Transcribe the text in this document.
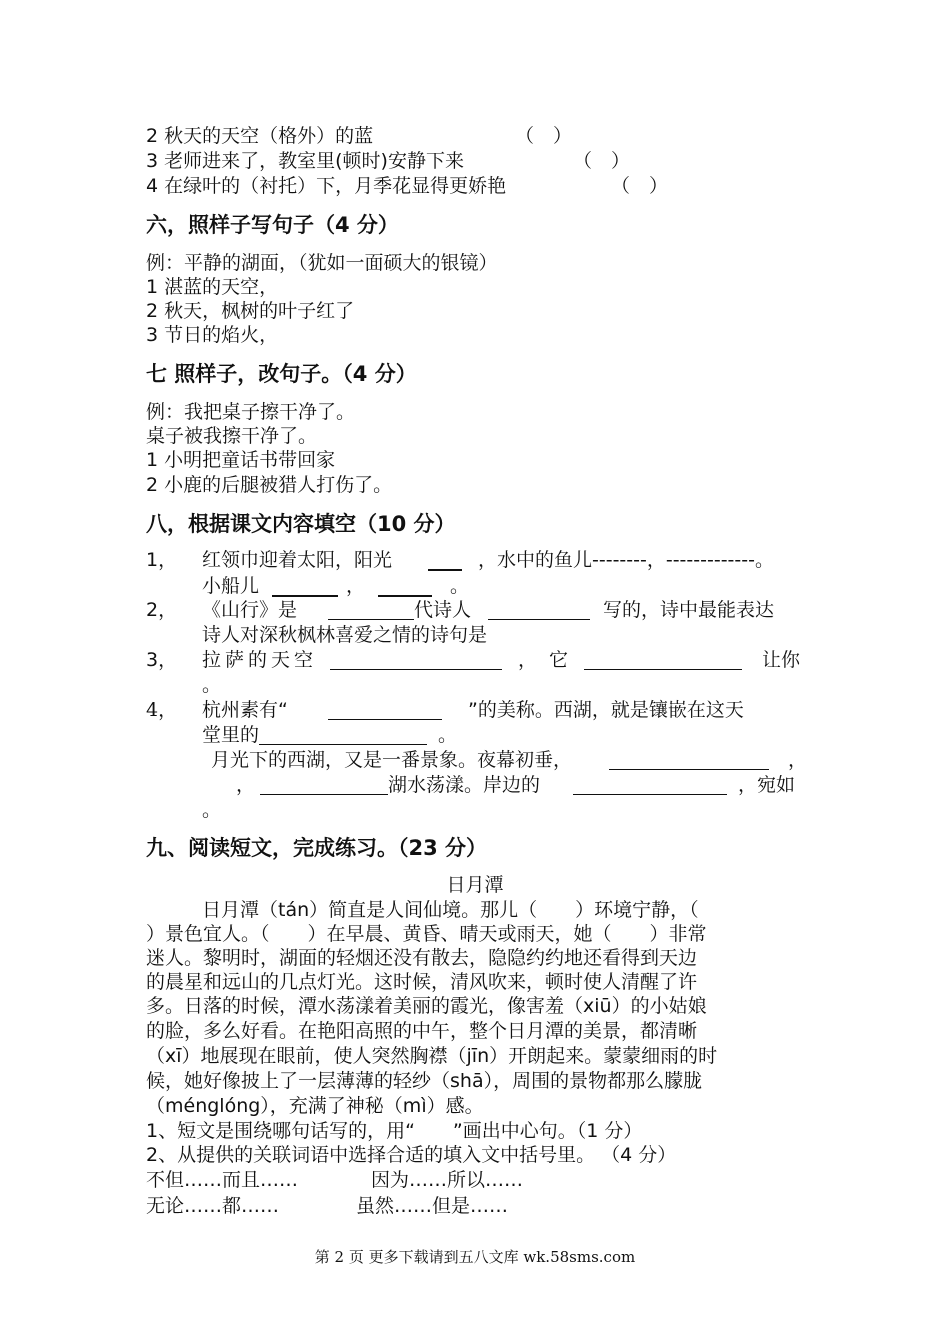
2 秋天的天空（格外）的蓝	（　）
3 老师进来了，教室里(顿时)安静下来	（　）
4 在绿叶的（衬托）下，月季花显得更娇艳	（　）
六，照样子写句子（4 分）
例：平静的湖面，（犹如一面硕大的银镜）
1 湛蓝的天空，
2 秋天，枫树的叶子红了
3 节日的焰火，
七 照样子，改句子。（4 分）
例：我把桌子擦干净了。
桌子被我擦干净了。
1 小明把童话书带回家
2 小鹿的后腿被猎人打伤了。
八，根据课文内容填空（10 分）
1， 红领巾迎着太阳，阳光	，水中的鱼儿--------，-------------。
小船儿	，	。
2， 《山行》是	代诗人	写的，诗中最能表达
诗人对深秋枫林喜爱之情的诗句是
3， 拉萨的天空	，它	让你
。
4， 杭州素有“	”的美称。西湖，就是镶嵌在这天
堂里的	。
月光下的西湖，又是一番景象。夜幕初垂，	，
，	湖水荡漾。岸边的	，宛如
。
九、阅读短文，完成练习。（23 分）
日月潭
日月潭（tán）简直是人间仙境。那儿（　　）环境宁静，（
）景色宜人。（　　）在早晨、黄昏、晴天或雨天，她（　　）非常
迷人。黎明时，湖面的轻烟还没有散去，隐隐约约地还看得到天边
的晨星和远山的几点灯光。这时候，清风吹来，顿时使人清醒了许
多。日落的时候，潭水荡漾着美丽的霞光，像害羞（xiū）的小姑娘
的脸，多么好看。在艳阳高照的中午，整个日月潭的美景，都清晰
（xī）地展现在眼前，使人突然胸襟（jīn）开朗起来。蒙蒙细雨的时
候，她好像披上了一层薄薄的轻纱（shā），周围的景物都那么朦胧
（ménglóng），充满了神秘（mì）感。
1、短文是围绕哪句话写的，用“　　”画出中心句。（1 分）
2、从提供的关联词语中选择合适的填入文中括号里。 （4 分）
不但……而且……	因为……所以……
无论……都……	虽然……但是……
第 2 页 更多下载请到五八文库 wk.58sms.com
